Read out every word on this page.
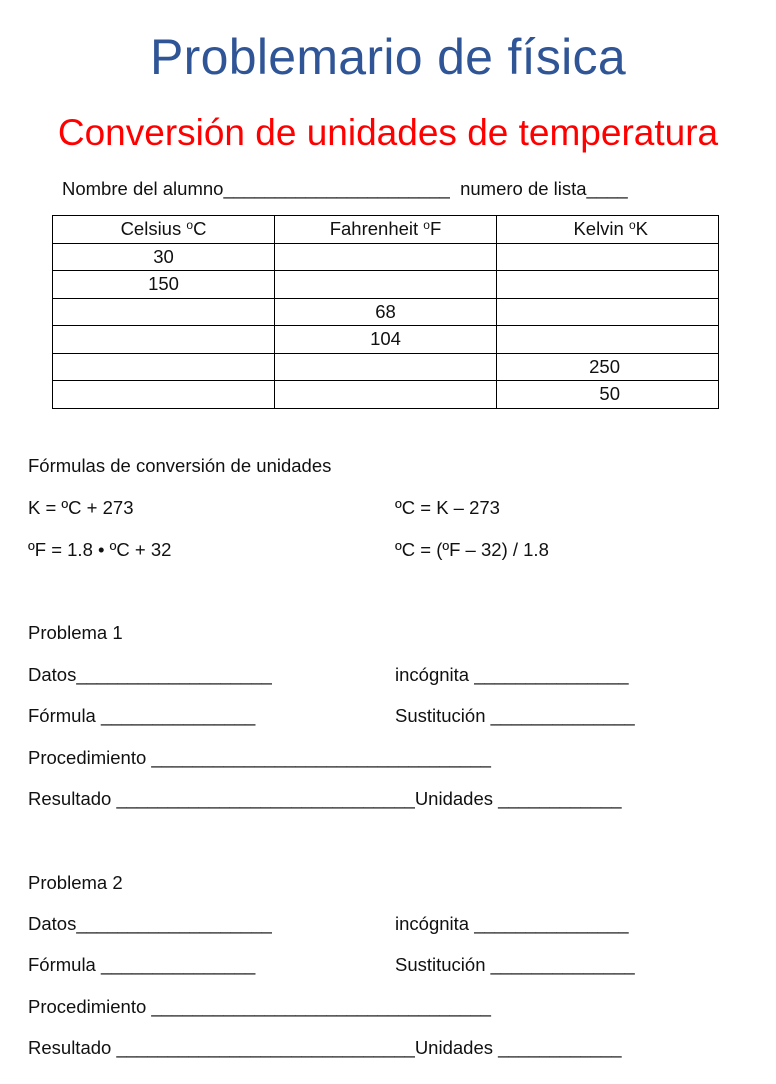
Problemario de física
Conversión de unidades de temperatura
Nombre del alumno______________________  numero de lista____
Celsius $^o$C	Fahrenheit $^o$F	Kelvin $^o$K
30		
150		
	68	
	104	
		250
		50
Fórmulas de conversión de unidades
K = ºC + 273	ºC = K – 273
ºF = 1.8 • ºC + 32	ºC = (ºF – 32) / 1.8
Problema 1
Datos___________________	incógnita _______________
Fórmula _______________	Sustitución ______________
Procedimiento _________________________________
Resultado _____________________________Unidades ____________
Problema 2
Datos___________________	incógnita _______________
Fórmula _______________	Sustitución ______________
Procedimiento _________________________________
Resultado _____________________________Unidades ____________
